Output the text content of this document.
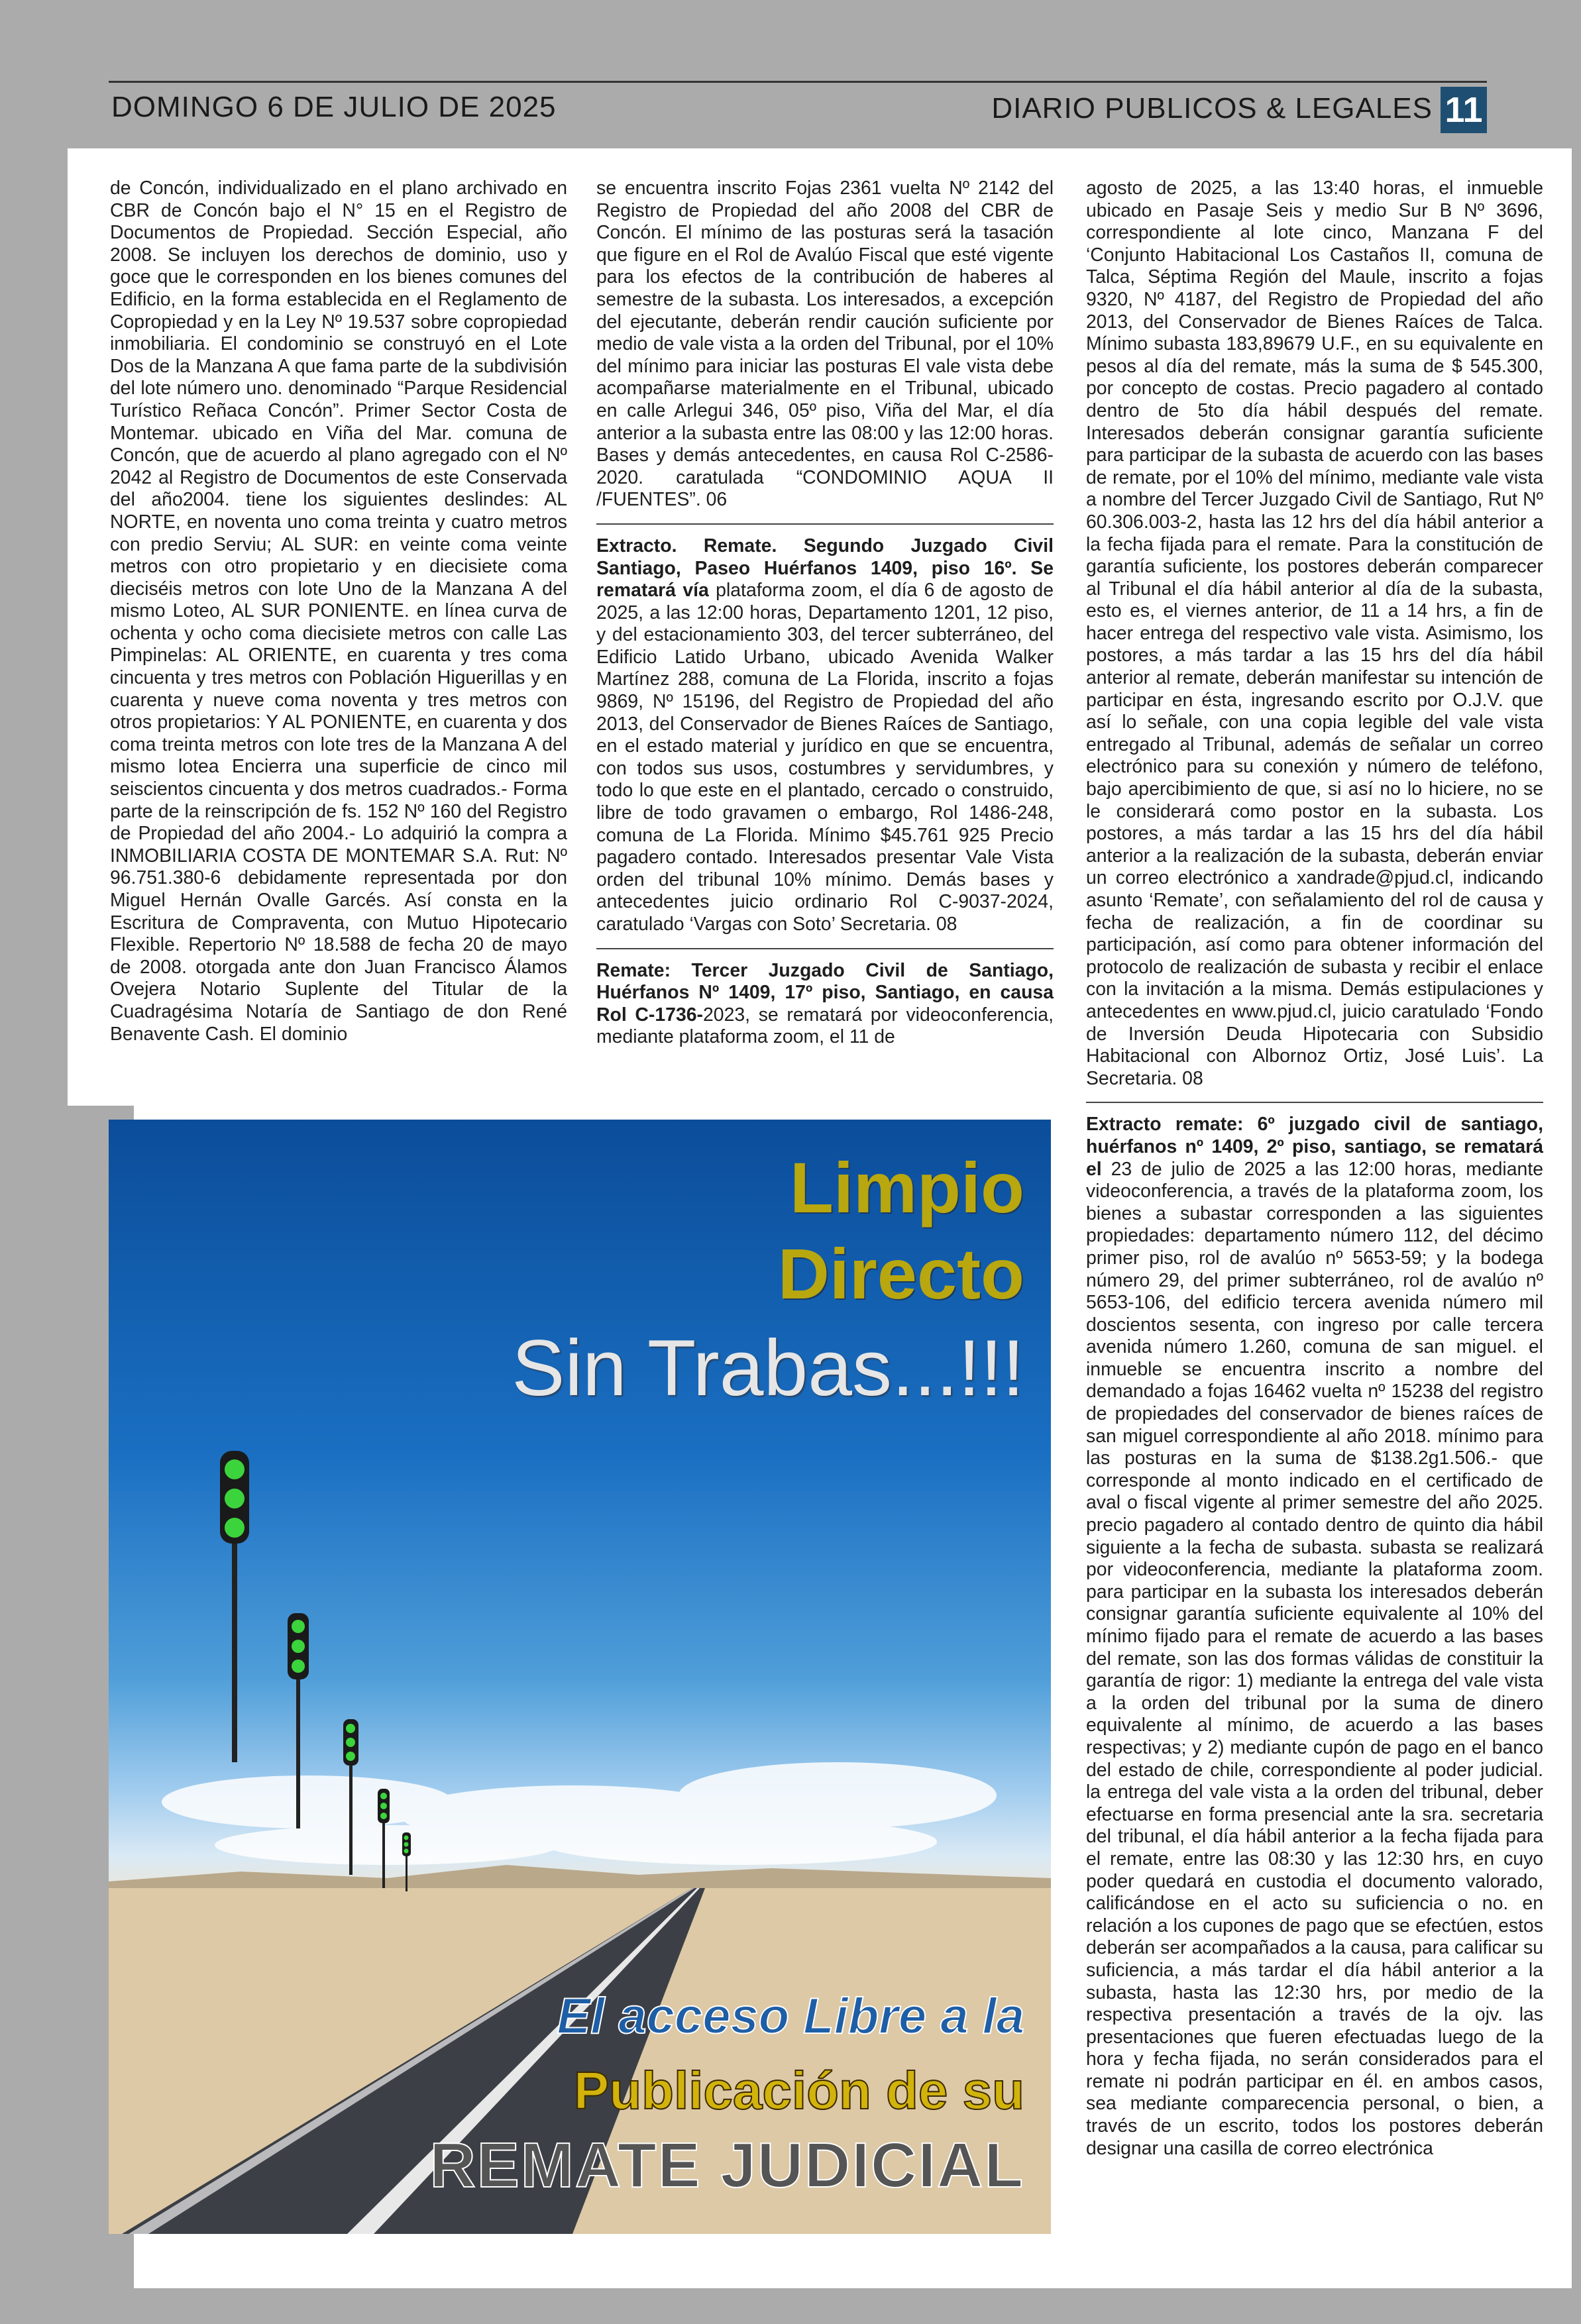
DOMINGO 6 DE JULIO DE 2025	DIARIO PUBLICOS & LEGALES 11

de Concón, individualizado en el plano archivado en CBR de Concón bajo el N° 15 en el Registro de Documentos de Propiedad. Sección Especial, año 2008. Se incluyen los derechos de dominio, uso y goce que le corresponden en los bienes comunes del Edificio, en la forma establecida en el Reglamento de Copropiedad y en la Ley Nº 19.537 sobre copropiedad inmobiliaria. El condominio se construyó en el Lote Dos de la Manzana A que fama parte de la subdivisión del lote número uno. denominado “Parque Residencial Turístico Reñaca Concón”. Primer Sector Costa de Montemar. ubicado en Viña del Mar. comuna de Concón, que de acuerdo al plano agregado con el Nº 2042 al Registro de Documentos de este Conservada del año2004. tiene los siguientes deslindes: AL NORTE, en noventa uno coma treinta y cuatro metros con predio Serviu; AL SUR: en veinte coma veinte metros con otro propietario y en diecisiete coma dieciséis metros con lote Uno de la Manzana A del mismo Loteo, AL SUR PONIENTE. en línea curva de ochenta y ocho coma diecisiete metros con calle Las Pimpinelas: AL ORIENTE, en cuarenta y tres coma cincuenta y tres metros con Población Higuerillas y en cuarenta y nueve coma noventa y tres metros con otros propietarios: Y AL PONIENTE, en cuarenta y dos coma treinta metros con lote tres de la Manzana A del mismo lotea Encierra una superficie de cinco mil seiscientos cincuenta y dos metros cuadrados.- Forma parte de la reinscripción de fs. 152 Nº 160 del Registro de Propiedad del año 2004.- Lo adquirió la compra a INMOBILIARIA COSTA DE MONTEMAR S.A. Rut: Nº 96.751.380-6 debidamente representada por don Miguel Hernán Ovalle Garcés. Así consta en la Escritura de Compraventa, con Mutuo Hipotecario Flexible. Repertorio Nº 18.588 de fecha 20 de mayo de 2008. otorgada ante don Juan Francisco Álamos Ovejera Notario Suplente del Titular de la Cuadragésima Notaría de Santiago de don René Benavente Cash. El dominio

se encuentra inscrito Fojas 2361 vuelta Nº 2142 del Registro de Propiedad del año 2008 del CBR de Concón. El mínimo de las posturas será la tasación que figure en el Rol de Avalúo Fiscal que esté vigente para los efectos de la contribución de haberes al semestre de la subasta. Los interesados, a excepción del ejecutante, deberán rendir caución suficiente por medio de vale vista a la orden del Tribunal, por el 10% del mínimo para iniciar las posturas El vale vista debe acompañarse materialmente en el Tribunal, ubicado en calle Arlegui 346, 05º piso, Viña del Mar, el día anterior a la subasta entre las 08:00 y las 12:00 horas. Bases y demás antecedentes, en causa Rol C-2586-2020. caratulada “CONDOMINIO AQUA II /FUENTES”. 06

Extracto. Remate. Segundo Juzgado Civil Santiago, Paseo Huérfanos 1409, piso 16º. Se rematará vía plataforma zoom, el día 6 de agosto de 2025, a las 12:00 horas, Departamento 1201, 12 piso, y del estacionamiento 303, del tercer subterráneo, del Edificio Latido Urbano, ubicado Avenida Walker Martínez 288, comuna de La Florida, inscrito a fojas 9869, Nº 15196, del Registro de Propiedad del año 2013, del Conservador de Bienes Raíces de Santiago, en el estado material y jurídico en que se encuentra, con todos sus usos, costumbres y servidumbres, y todo lo que este en el plantado, cercado o construido, libre de todo gravamen o embargo, Rol 1486-248, comuna de La Florida. Mínimo $45.761 925 Precio pagadero contado. Interesados presentar Vale Vista orden del tribunal 10% mínimo. Demás bases y antecedentes juicio ordinario Rol C-9037-2024, caratulado ‘Vargas con Soto’ Secretaria. 08

Remate: Tercer Juzgado Civil de Santiago, Huérfanos Nº 1409, 17º piso, Santiago, en causa Rol C-1736-2023, se rematará por videoconferencia, mediante plataforma zoom, el 11 de

agosto de 2025, a las 13:40 horas, el inmueble ubicado en Pasaje Seis y medio Sur B Nº 3696, correspondiente al lote cinco, Manzana F del ‘Conjunto Habitacional Los Castaños II, comuna de Talca, Séptima Región del Maule, inscrito a fojas 9320, Nº 4187, del Registro de Propiedad del año 2013, del Conservador de Bienes Raíces de Talca. Mínimo subasta 183,89679 U.F., en su equivalente en pesos al día del remate, más la suma de $ 545.300, por concepto de costas. Precio pagadero al contado dentro de 5to día hábil después del remate. Interesados deberán consignar garantía suficiente para participar de la subasta de acuerdo con las bases de remate, por el 10% del mínimo, mediante vale vista a nombre del Tercer Juzgado Civil de Santiago, Rut Nº 60.306.003-2, hasta las 12 hrs del día hábil anterior a la fecha fijada para el remate. Para la constitución de garantía suficiente, los postores deberán comparecer al Tribunal el día hábil anterior al día de la subasta, esto es, el viernes anterior, de 11 a 14 hrs, a fin de hacer entrega del respectivo vale vista. Asimismo, los postores, a más tardar a las 15 hrs del día hábil anterior al remate, deberán manifestar su intención de participar en ésta, ingresando escrito por O.J.V. que así lo señale, con una copia legible del vale vista entregado al Tribunal, además de señalar un correo electrónico para su conexión y número de teléfono, bajo apercibimiento de que, si así no lo hiciere, no se le considerará como postor en la subasta. Los postores, a más tardar a las 15 hrs del día hábil anterior a la realización de la subasta, deberán enviar un correo electrónico a xandrade@pjud.cl, indicando asunto ‘Remate’, con señalamiento del rol de causa y fecha de realización, a fin de coordinar su participación, así como para obtener información del protocolo de realización de subasta y recibir el enlace con la invitación a la misma. Demás estipulaciones y antecedentes en www.pjud.cl, juicio caratulado ‘Fondo de Inversión Deuda Hipotecaria con Subsidio Habitacional con Albornoz Ortiz, José Luis’. La Secretaria. 08

Extracto remate: 6º juzgado civil de santiago, huérfanos nº 1409, 2º piso, santiago, se rematará el 23 de julio de 2025 a las 12:00 horas, mediante videoconferencia, a través de la plataforma zoom, los bienes a subastar corresponden a las siguientes propiedades: departamento número 112, del décimo primer piso, rol de avalúo nº 5653-59; y la bodega número 29, del primer subterráneo, rol de avalúo nº 5653-106, del edificio tercera avenida número mil doscientos sesenta, con ingreso por calle tercera avenida número 1.260, comuna de san miguel. el inmueble se encuentra inscrito a nombre del demandado a fojas 16462 vuelta nº 15238 del registro de propiedades del conservador de bienes raíces de san miguel correspondiente al año 2018. mínimo para las posturas en la suma de $138.2g1.506.- que corresponde al monto indicado en el certificado de aval o fiscal vigente al primer semestre del año 2025. precio pagadero al contado dentro de quinto dia hábil siguiente a la fecha de subasta. subasta se realizará por videoconferencia, mediante la plataforma zoom. para participar en la subasta los interesados deberán consignar garantía suficiente equivalente al 10% del mínimo fijado para el remate de acuerdo a las bases del remate, son las dos formas válidas de constituir la garantía de rigor: 1) mediante la entrega del vale vista a la orden del tribunal por la suma de dinero equivalente al mínimo, de acuerdo a las bases respectivas; y 2) mediante cupón de pago en el banco del estado de chile, correspondiente al poder judicial. la entrega del vale vista a la orden del tribunal, deber efectuarse en forma presencial ante la sra. secretaria del tribunal, el día hábil anterior a la fecha fijada para el remate, entre las 08:30 y las 12:30 hrs, en cuyo poder quedará en custodia el documento valorado, calificándose en el acto su suficiencia o no. en relación a los cupones de pago que se efectúen, estos deberán ser acompañados a la causa, para calificar su suficiencia, a más tardar el día hábil anterior a la subasta, hasta las 12:30 hrs, por medio de la respectiva presentación a través de la ojv. las presentaciones que fueren efectuadas luego de la hora y fecha fijada, no serán considerados para el remate ni podrán participar en él. en ambos casos, sea mediante comparecencia personal, o bien, a través de un escrito, todos los postores deberán designar una casilla de correo electrónica

Limpio
Directo
Sin Trabas...!!!
El acceso Libre a la
Publicación de su
REMATE JUDICIAL
